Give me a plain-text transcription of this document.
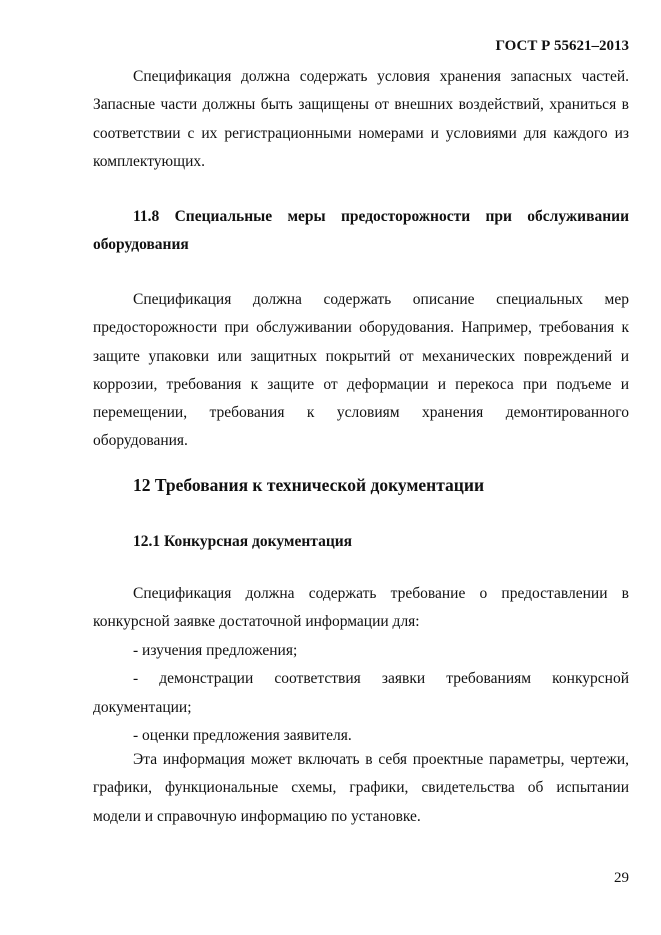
ГОСТ Р 55621–2013

Спецификация должна содержать условия хранения запасных частей.

Запасные части должны быть защищены от внешних воздействий, храниться в

соответствии с их регистрационными номерами и условиями для каждого из

комплектующих.

11.8 Специальные меры предосторожности при обслуживании

оборудования

Спецификация должна содержать описание специальных мер

предосторожности при обслуживании оборудования. Например, требования к

защите упаковки или защитных покрытий от механических повреждений и

коррозии, требования к защите от деформации и перекоса при подъеме и

перемещении, требования к условиям хранения демонтированного

оборудования.

12 Требования к технической документации
12.1 Конкурсная документация

Спецификация должна содержать требование о предоставлении в

конкурсной заявке достаточной информации для:

- изучения предложения;

- демонстрации соответствия заявки требованиям конкурсной

документации;

- оценки предложения заявителя.

Эта информация может включать в себя проектные параметры, чертежи,

графики, функциональные схемы, графики, свидетельства об испытании

модели и справочную информацию по установке.

29
